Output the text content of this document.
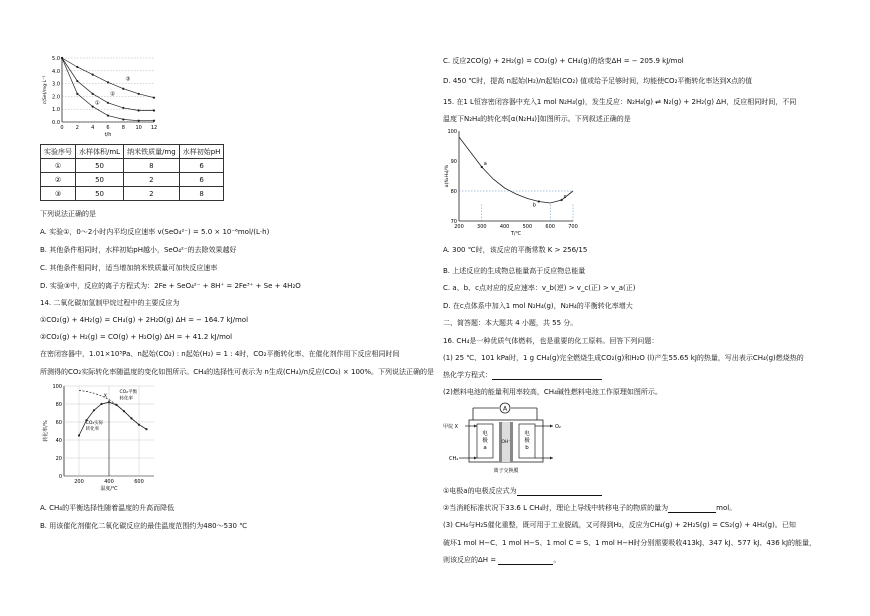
5.0
4.0
3.0
2.0
1.0
0.0
0 2 4 6 8 10 12
t/h
c(Se)/mg·L⁻¹	①
②
③
实验序号	水样体积/mL	纳米铁质量/mg	水样初始pH
①	50	8	6
②	50	2	6
③	50	2	8
下列说法正确的是
A. 实验①，0～2小时内平均反应速率 v(SeO₄²⁻) = 5.0 × 10⁻⁶mol/(L·h)
B. 其他条件相同时，水样初始pH越小，SeO₄²⁻的去除效果越好
C. 其他条件相同时，适当增加纳米铁质量可加快反应速率
D. 实验③中，反应的离子方程式为：2Fe + SeO₄²⁻ + 8H⁺ = 2Fe³⁺ + Se + 4H₂O
14. 二氧化碳加氢制甲烷过程中的主要反应为
①CO₂(g) + 4H₂(g) = CH₄(g) + 2H₂O(g) ΔH = − 164.7 kJ/mol
②CO₂(g) + H₂(g) = CO(g) + H₂O(g) ΔH = + 41.2 kJ/mol
在密闭容器中，1.01×10⁵Pa、n起始(CO₂) : n起始(H₂) = 1 : 4时，CO₂平衡转化率、在催化剂作用下反应相同时间
所测得的CO₂实际转化率随温度的变化如图所示。CH₄的选择性可表示为 n生成(CH₄)/n反应(CO₂) × 100%。下列说法正确的是
100
80
60
40
20
0
200	400	600
温度/℃
转化率/%
X
CO₂平衡
转化率
CO₂实际
转化率
A. CH₄的平衡选择性随着温度的升高而降低
B. 用该催化剂催化二氧化碳反应的最佳温度范围约为480～530 ℃
C. 反应2CO(g) + 2H₂(g) = CO₂(g) + CH₄(g)的焓变ΔH = − 205.9 kJ/mol
D. 450 ℃时，提高 n起始(H₂)/n起始(CO₂) 值或给予足够时间，均能使CO₂平衡转化率达到X点的值
15. 在1 L恒容密闭容器中充入1 mol N₂H₄(g)，发生反应：N₂H₄(g) ⇌ N₂(g) + 2H₂(g) ΔH，反应相同时间，不同
温度下N₂H₄的转化率[α(N₂H₄)]如图所示。下列叙述正确的是
100
90
80
70
200	300	400	500	600	700
T/℃
α(N₂H₄)/%
a
b
c
A. 300 ℃时，该反应的平衡常数 K > 256/15
B. 上述反应的生成物总能量高于反应物总能量
C. a、b、c点对应的反应速率：v_b(逆) > v_c(正) > v_a(正)
D. 在c点体系中加入1 mol N₂H₄(g)，N₂H₄的平衡转化率增大
二、简答题：本大题共 4 小题，共 55 分。
16. CH₄是一种优质气体燃料，也是重要的化工原料。回答下列问题：
(1) 25 ℃、101 kPa时，1 g CH₄(g)完全燃烧生成CO₂(g)和H₂O (l)产生55.65 kJ的热量，写出表示CH₄(g)燃烧热的
热化学方程式：
(2)燃料电池的能量利用率较高，CH₄碱性燃料电池工作原理如图所示。
A
电
极
a
电
极
b
OH⁻
甲烷 X
CH₄
O₂
离子交换膜
①电极a的电极反应式为
②当消耗标准状况下33.6 L CH₄时，理论上导线中转移电子的物质的量为	mol。
(3) CH₄与H₂S催化重整，既可用于工业脱硫，又可得到H₂，反应为CH₄(g) + 2H₂S(g) = CS₂(g) + 4H₂(g)。已知
破坏1 mol H−C、1 mol H−S、1 mol C = S、1 mol H−H时分别需要吸收413kJ、347 kJ、577 kJ、436 kJ的能量，
则该反应的ΔH =	。
